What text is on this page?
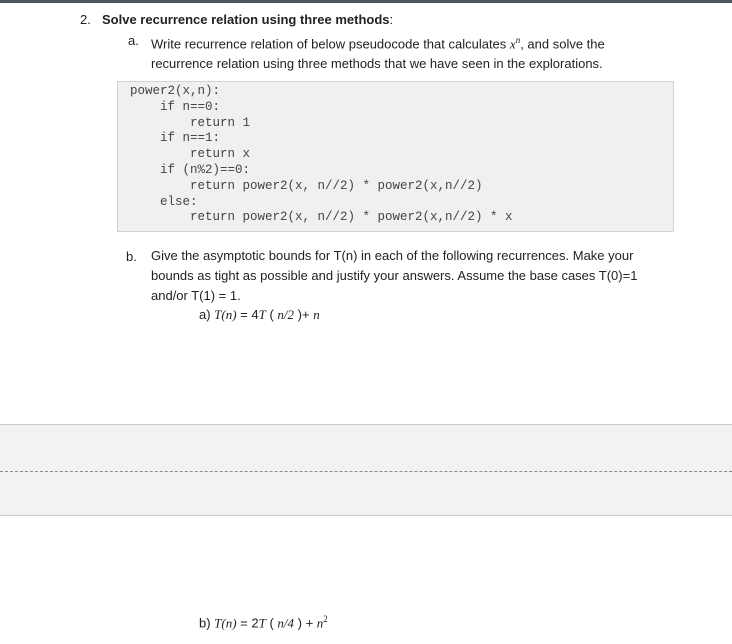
2. Solve recurrence relation using three methods:
a. Write recurrence relation of below pseudocode that calculates $x^n$, and solve the
recurrence relation using three methods that we have seen in the explorations.
power2(x,n):
if n==0:
return 1
if n==1:
return x
if (n%2)==0:
return power2(x, n//2) * power2(x,n//2)
else:
return power2(x, n//2) * power2(x,n//2) * x
b. Give the asymptotic bounds for T(n) in each of the following recurrences. Make your
bounds as tight as possible and justify your answers. Assume the base cases T(0)=1
and/or T(1) = 1.
a) T(n) = 4T ( n/2 )+ n
b) T(n) = 2T ( n/4 ) + $n^2$
